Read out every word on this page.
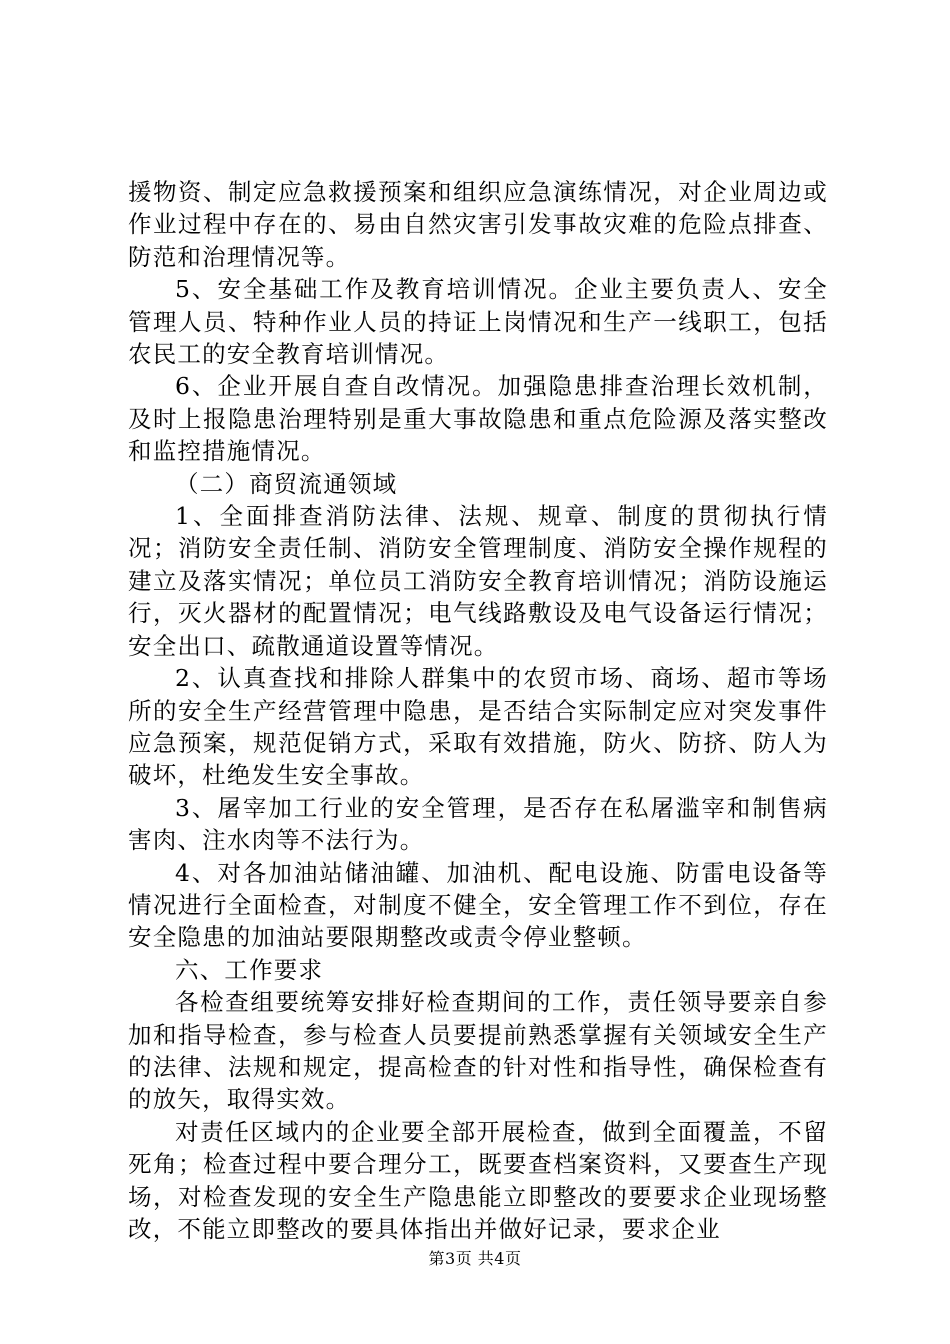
援物资、制定应急救援预案和组织应急演练情况，对企业周边或作业过程中存在的、易由自然灾害引发事故灾难的危险点排查、防范和治理情况等。

5、安全基础工作及教育培训情况。企业主要负责人、安全管理人员、特种作业人员的持证上岗情况和生产一线职工，包括农民工的安全教育培训情况。

6、企业开展自查自改情况。加强隐患排查治理长效机制，及时上报隐患治理特别是重大事故隐患和重点危险源及落实整改和监控措施情况。

（二）商贸流通领域

1、全面排查消防法律、法规、规章、制度的贯彻执行情况；消防安全责任制、消防安全管理制度、消防安全操作规程的建立及落实情况；单位员工消防安全教育培训情况；消防设施运行，灭火器材的配置情况；电气线路敷设及电气设备运行情况；安全出口、疏散通道设置等情况。

2、认真查找和排除人群集中的农贸市场、商场、超市等场所的安全生产经营管理中隐患，是否结合实际制定应对突发事件应急预案，规范促销方式，采取有效措施，防火、防挤、防人为破坏，杜绝发生安全事故。

3、屠宰加工行业的安全管理，是否存在私屠滥宰和制售病害肉、注水肉等不法行为。

4、对各加油站储油罐、加油机、配电设施、防雷电设备等情况进行全面检查，对制度不健全，安全管理工作不到位，存在安全隐患的加油站要限期整改或责令停业整顿。

六、工作要求

各检查组要统筹安排好检查期间的工作，责任领导要亲自参加和指导检查，参与检查人员要提前熟悉掌握有关领域安全生产的法律、法规和规定，提高检查的针对性和指导性，确保检查有的放矢，取得实效。

对责任区域内的企业要全部开展检查，做到全面覆盖，不留死角；检查过程中要合理分工，既要查档案资料，又要查生产现场，对检查发现的安全生产隐患能立即整改的要要求企业现场整改，不能立即整改的要具体指出并做好记录，要求企业

第3页 共4页
